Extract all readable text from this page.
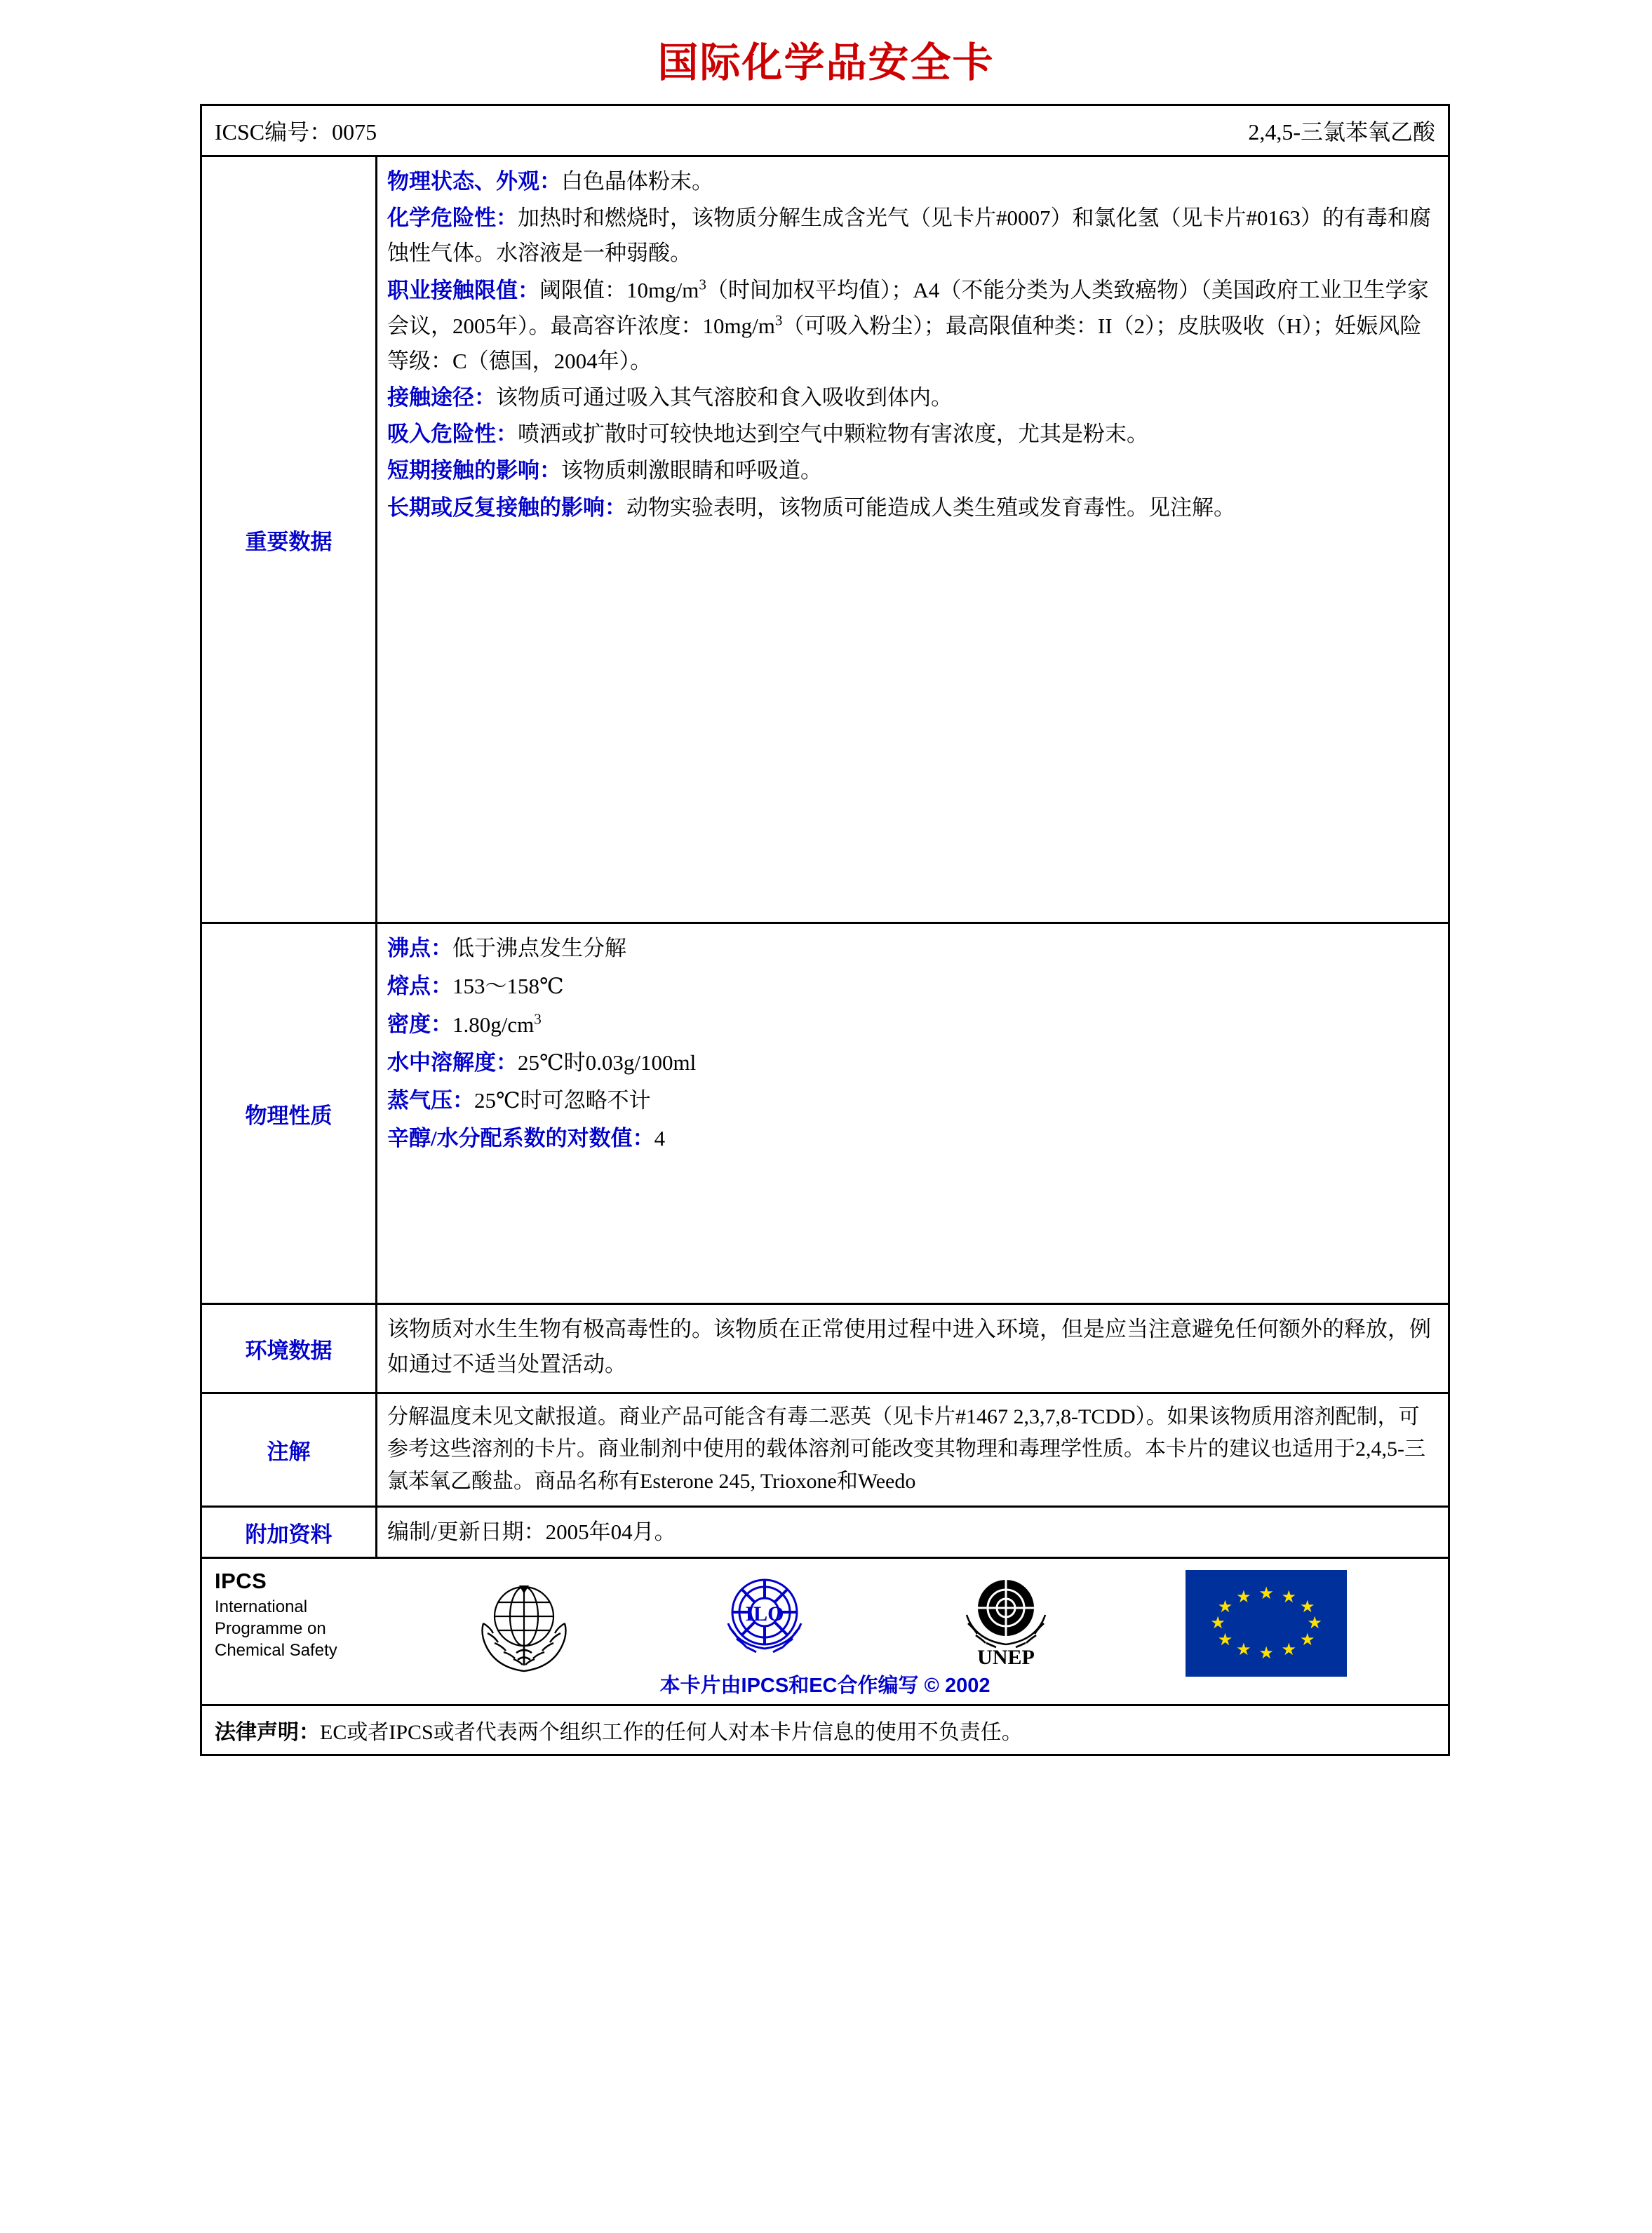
国际化学品安全卡
ICSC编号：0075	2,4,5-三氯苯氧乙酸
重要数据

物理状态、外观：白色晶体粉末。

化学危险性：加热时和燃烧时，该物质分解生成含光气（见卡片#0007）和氯化氢（见卡片#0163）的有毒和腐蚀性气体。水溶液是一种弱酸。

职业接触限值：阈限值：$10mg/m^3$（时间加权平均值）；A4（不能分类为人类致癌物）（美国政府工业卫生学家会议，2005年）。最高容许浓度：$10mg/m^3$（可吸入粉尘）；最高限值种类：II（2）；皮肤吸收（H）；妊娠风险等级：C（德国，2004年）。

接触途径：该物质可通过吸入其气溶胶和食入吸收到体内。

吸入危险性：喷洒或扩散时可较快地达到空气中颗粒物有害浓度，尤其是粉末。

短期接触的影响：该物质刺激眼睛和呼吸道。

长期或反复接触的影响：动物实验表明，该物质可能造成人类生殖或发育毒性。见注解。

物理性质

沸点：低于沸点发生分解

熔点：153～158℃

密度：$1.80g/cm^3$

水中溶解度：25℃时0.03g/100ml

蒸气压：25℃时可忽略不计

辛醇/水分配系数的对数值：4

环境数据
该物质对水生生物有极高毒性的。该物质在正常使用过程中进入环境，但是应当注意避免任何额外的释放，例如通过不适当处置活动。
注解
分解温度未见文献报道。商业产品可能含有毒二恶英（见卡片#1467 2,3,7,8-TCDD）。如果该物质用溶剂配制，可参考这些溶剂的卡片。商业制剂中使用的载体溶剂可能改变其物理和毒理学性质。本卡片的建议也适用于2,4,5-三氯苯氧乙酸盐。商品名称有Esterone 245, Trioxone和Weedo
附加资料	编制/更新日期：2005年04月。
IPCS
International
Programme on
Chemical Safety
ILO
UNEP
★ ★
★
★
★
★
★
★
★
★
★
★
本卡片由IPCS和EC合作编写 © 2002
法律声明：EC或者IPCS或者代表两个组织工作的任何人对本卡片信息的使用不负责任。
